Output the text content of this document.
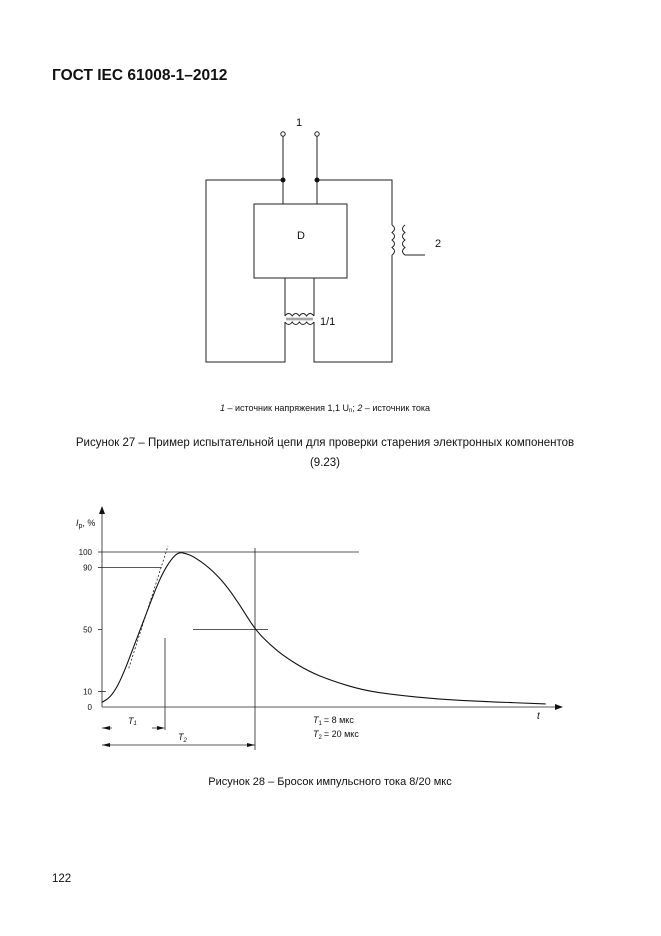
ГОСТ IEC 61008-1–2012
1
2
D
1/1
1 – источник напряжения 1,1 Un; 2 – источник тока
Рисунок 27 – Пример испытательной цепи для проверки старения электронных компонентов
(9.23)
0
10
50
90
100
$I_p$, %
t
T1
$T_2$
$T_1 = 8$ мкс
$T_2 = 20$ мкс
Рисунок 28 – Бросок импульсного тока 8/20 мкс
122
